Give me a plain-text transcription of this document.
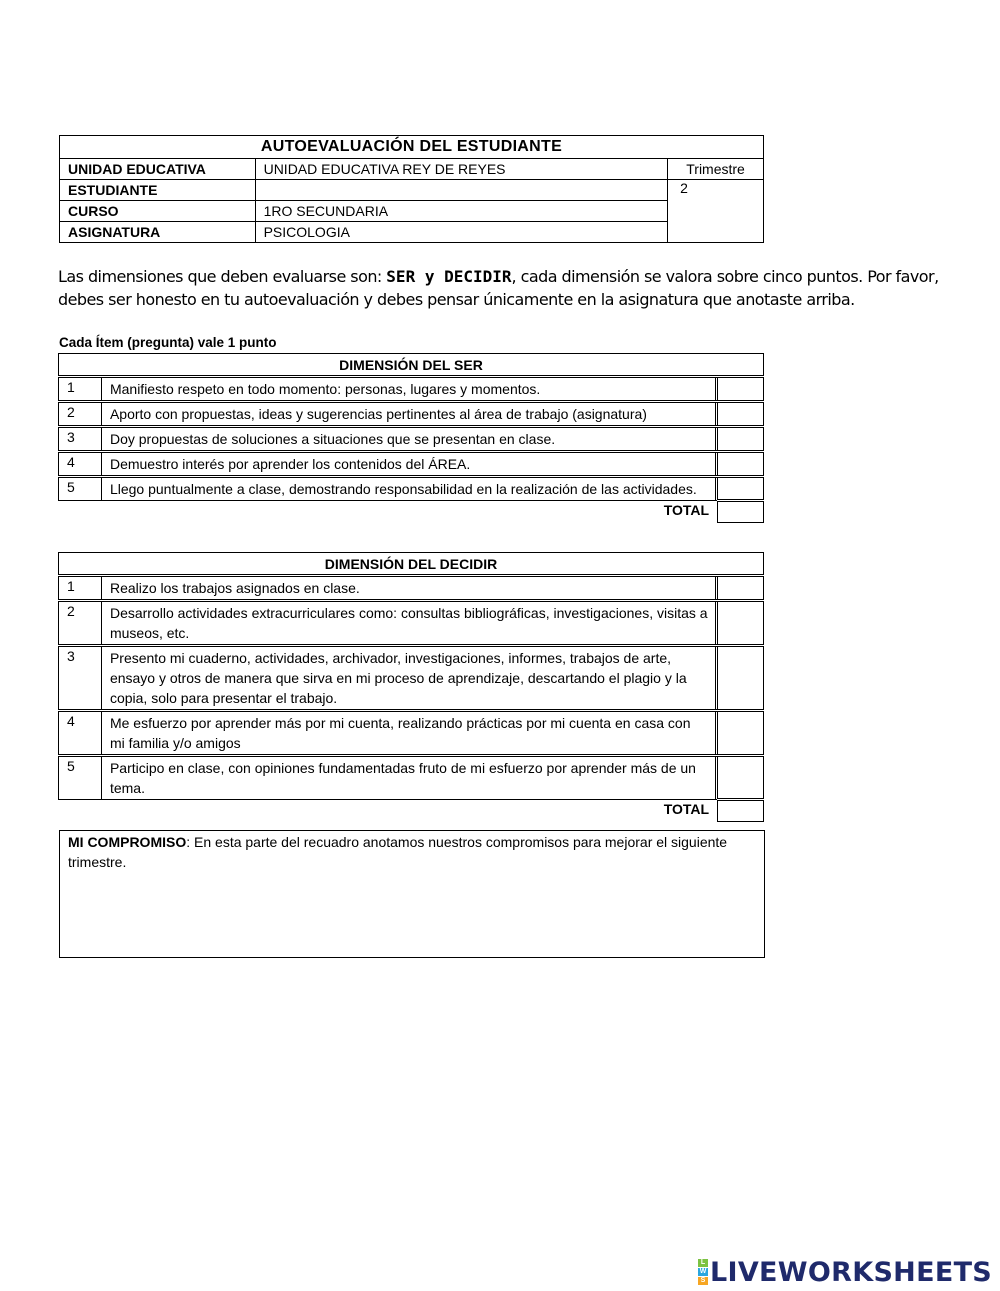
AUTOEVALUACIÓN DEL ESTUDIANTE		
UNIDAD EDUCATIVA	UNIDAD EDUCATIVA REY DE REYES	Trimestre
ESTUDIANTE		2
CURSO	1RO SECUNDARIA	
ASIGNATURA	PSICOLOGIA	
Las dimensiones que deben evaluarse son: SER y DECIDIR, cada dimensión se valora sobre cinco puntos. Por favor, debes ser honesto en tu autoevaluación y debes pensar únicamente en la asignatura que anotaste arriba.
Cada Ítem (pregunta) vale 1 punto
DIMENSIÓN DEL SER			
1	Manifiesto respeto en todo momento: personas, lugares y momentos.		
2	Aporto con propuestas, ideas y sugerencias pertinentes al área de trabajo (asignatura)		
3	Doy propuestas de soluciones a situaciones que se presentan en clase.		
4	Demuestro interés por aprender los contenidos del ÁREA.		
5	Llego puntualmente a clase, demostrando responsabilidad en la realización de las actividades.		
TOTAL			
DIMENSIÓN DEL DECIDIR			
1	Realizo los trabajos asignados en clase.		
2	Desarrollo actividades extracurriculares como: consultas bibliográficas, investigaciones, visitas a museos, etc.		
3	Presento mi cuaderno, actividades, archivador, investigaciones, informes, trabajos de arte, ensayo y otros de manera que sirva en mi proceso de aprendizaje, descartando el plagio y la copia, solo para presentar el trabajo.		
4	Me esfuerzo por aprender más por mi cuenta, realizando prácticas por mi cuenta en casa con mi familia y/o amigos		
5	Participo en clase, con opiniones fundamentadas fruto de mi esfuerzo por aprender más de un tema.		
TOTAL			
MI COMPROMISO: En esta parte del recuadro anotamos nuestros compromisos para mejorar el siguiente trimestre.
L
W
S LIVEWORKSHEETS
